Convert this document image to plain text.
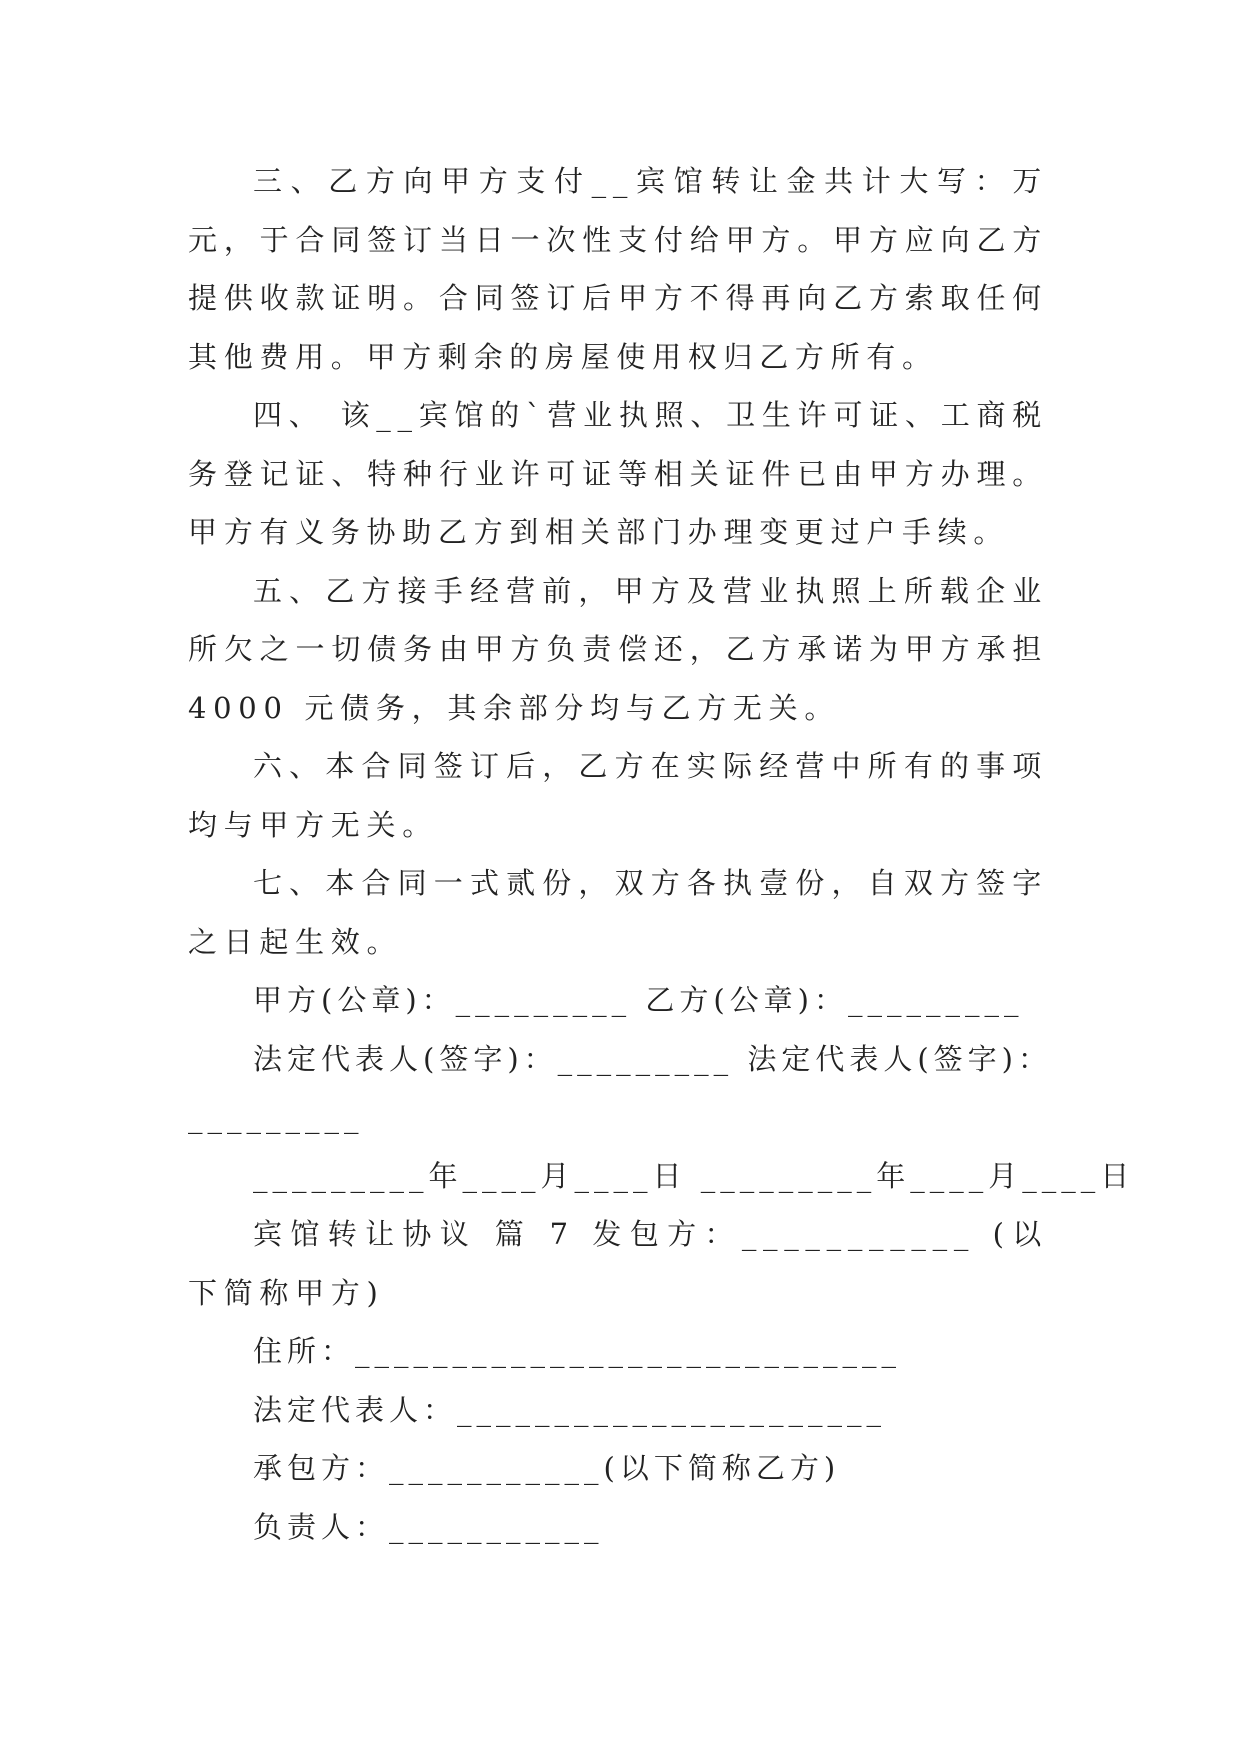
三、乙方向甲方支付__宾馆转让金共计大写：万元，于合同签订当日一次性支付给甲方。甲方应向乙方提供收款证明。合同签订后甲方不得再向乙方索取任何其他费用。甲方剩余的房屋使用权归乙方所有。

四、 该__宾馆的`营业执照、卫生许可证、工商税务登记证、特种行业许可证等相关证件已由甲方办理。甲方有义务协助乙方到相关部门办理变更过户手续。

五、乙方接手经营前，甲方及营业执照上所载企业所欠之一切债务由甲方负责偿还，乙方承诺为甲方承担 4000 元债务，其余部分均与乙方无关。

六、本合同签订后，乙方在实际经营中所有的事项均与甲方无关。

七、本合同一式贰份，双方各执壹份，自双方签字之日起生效。

甲方(公章)：_________ 乙方(公章)：_________

法定代表人(签字)：_________ 法定代表人(签字)：

_________

_________年____月____日 _________年____月____日

宾馆转让协议 篇 7 发包方：___________ (以下简称甲方)

住所：____________________________

法定代表人：______________________

承包方：___________(以下简称乙方)

负责人：___________
